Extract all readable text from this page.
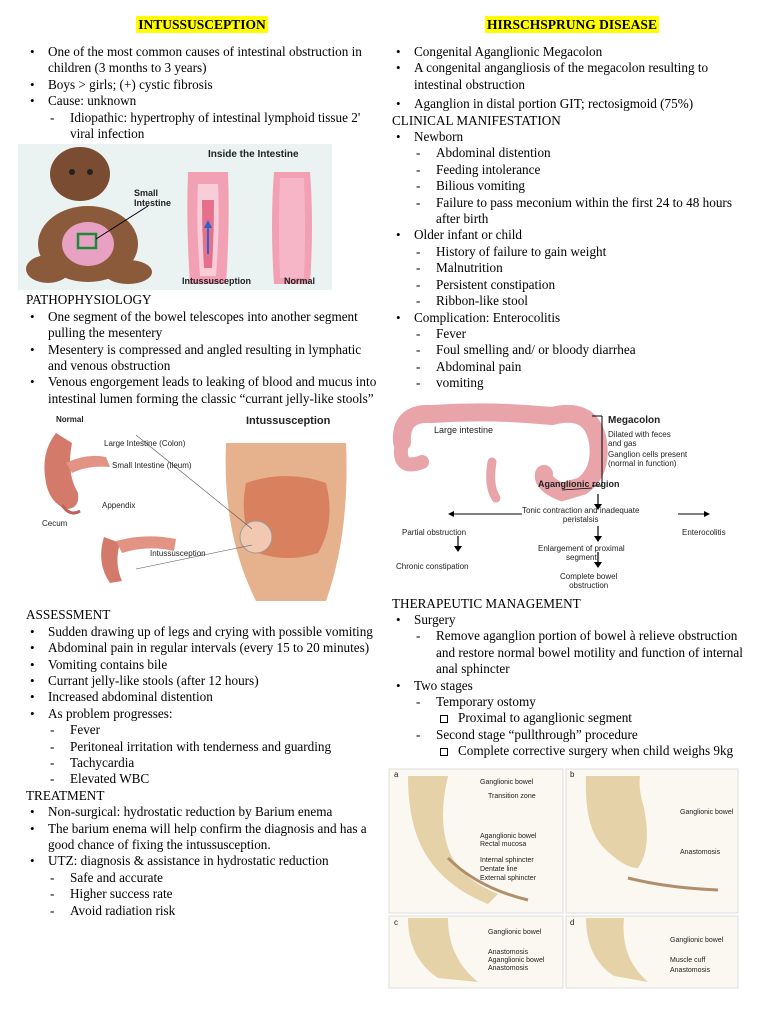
INTUSSUSCEPTION
• One of the most common causes of intestinal obstruction in children (3 months to 3 years)
• Boys > girls; (+) cystic fibrosis
• Cause: unknown
- Idiopathic: hypertrophy of intestinal lymphoid tissue 2' viral infection
Inside the Intestine
Small
Intestine
Intussusception	Normal
PATHOPHYSIOLOGY
• One segment of the bowel telescopes into another segment pulling the mesentery
• Mesentery is compressed and angled resulting in lymphatic and venous obstruction
• Venous engorgement leads to leaking of blood and mucus into intestinal lumen forming the classic “currant jelly-like stools”
Normal
Large Intestine (Colon)
Small Intestine (Ileum)
Appendix
Cecum
Intussusception
Intussusception
ASSESSMENT
• Sudden drawing up of legs and crying with possible vomiting
• Abdominal pain in regular intervals (every 15 to 20 minutes)
• Vomiting contains bile
• Currant jelly-like stools (after 12 hours)
• Increased abdominal distention
• As problem progresses:
- Fever
- Peritoneal irritation with tenderness and guarding
- Tachycardia
- Elevated WBC
TREATMENT
• Non-surgical: hydrostatic reduction by Barium enema
• The barium enema will help confirm the diagnosis and has a good chance of fixing the intussusception.
• UTZ: diagnosis & assistance in hydrostatic reduction
- Safe and accurate
- Higher success rate
- Avoid radiation risk
HIRSCHSPRUNG DISEASE
• Congenital Aganglionic Megacolon
• A congenital angangliosis of the megacolon resulting to intestinal obstruction
• Aganglion in distal portion GIT; rectosigmoid (75%)
CLINICAL MANIFESTATION
• Newborn
- Abdominal distention
- Feeding intolerance
- Bilious vomiting
- Failure to pass meconium within the first 24 to 48 hours after birth
• Older infant or child
- History of failure to gain weight
- Malnutrition
- Persistent constipation
- Ribbon-like stool
• Complication: Enterocolitis
- Fever
- Foul smelling and/ or bloody diarrhea
- Abdominal pain
- vomiting
Large intestine
Megacolon
Dilated with feces
and gas
Ganglion cells present
(normal in function)
Aganglionic region
Tonic contraction and inadequate
peristalsis
Partial obstruction	Enterocolitis
Enlargement of proximal
segment
Chronic constipation
Complete bowel
obstruction
THERAPEUTIC MANAGEMENT
• Surgery
- Remove aganglion portion of bowel à relieve obstruction and restore normal bowel motility and function of internal anal sphincter
• Two stages
- Temporary ostomy
Proximal to aganglionic segment
- Second stage “pullthrough” procedure
Complete corrective surgery when child weighs 9kg
a	b
c	d
Ganglionic bowel
Transition zone
Aganglionic bowel
Rectal mucosa
Internal sphincter
Dentate line
External sphincter
Ganglionic bowel
Anastomosis
Ganglionic bowel
Anastomosis
Aganglionic bowel
Anastomosis
Ganglionic bowel
Muscle cuff
Anastomosis
